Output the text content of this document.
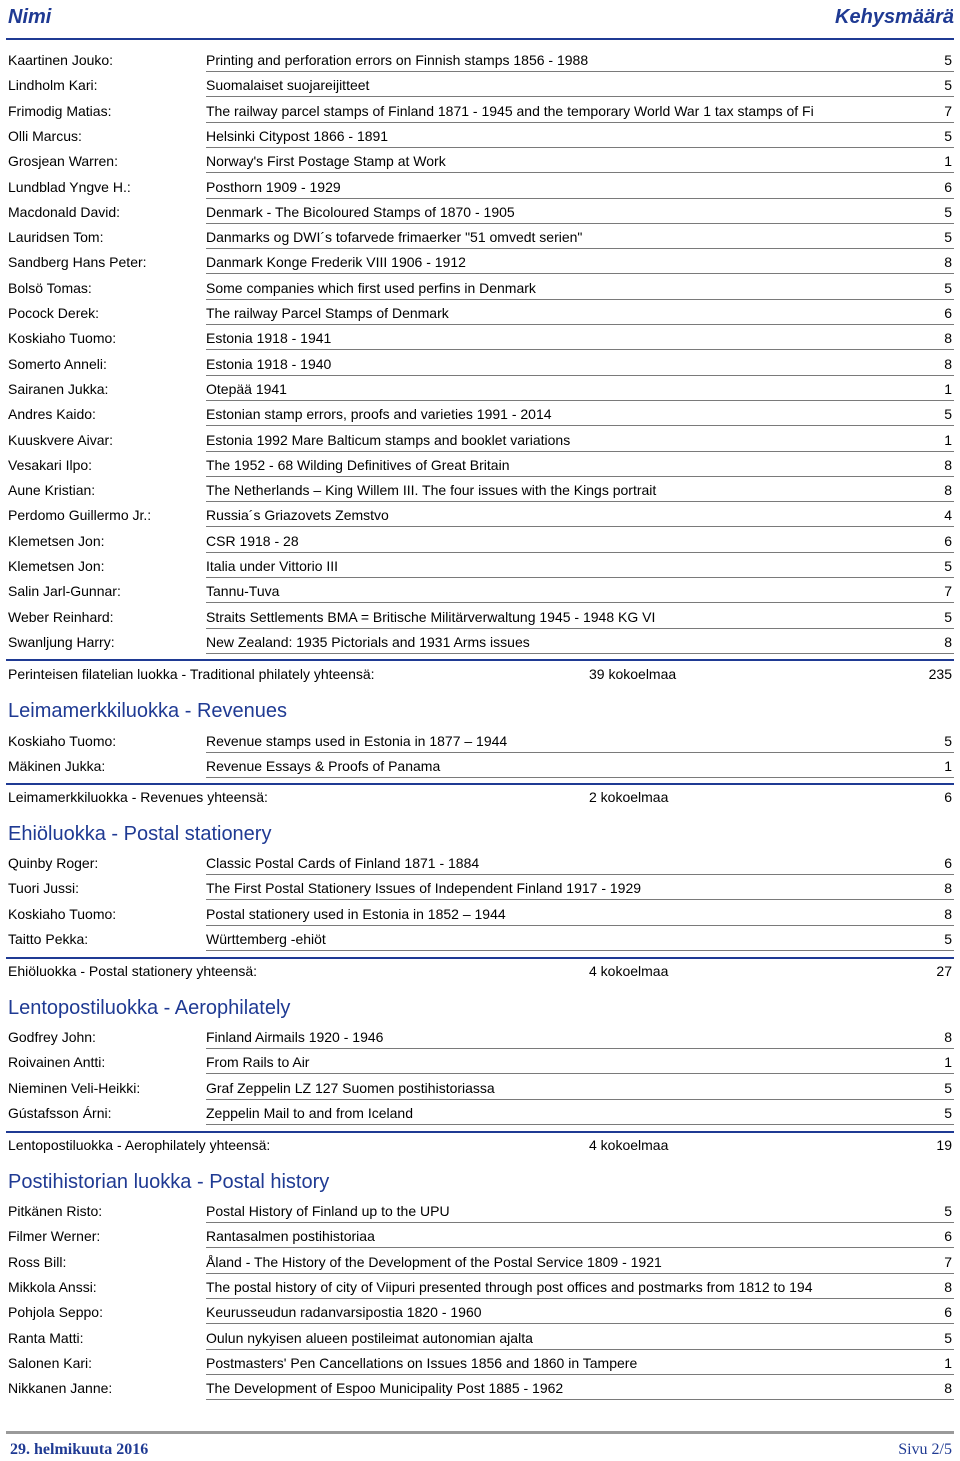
Nimi	Kehysmäärä
Kaartinen Jouko:	Printing and perforation errors on Finnish stamps 1856 - 1988	5
Lindholm Kari:	Suomalaiset suojareijitteet	5
Frimodig Matias:	The railway parcel stamps of Finland 1871 - 1945 and the temporary World War 1 tax stamps of Fi	7
Olli Marcus:	Helsinki Citypost 1866 - 1891	5
Grosjean Warren:	Norway's First Postage Stamp at Work	1
Lundblad Yngve H.:	Posthorn 1909 - 1929	6
Macdonald David:	Denmark - The Bicoloured Stamps of 1870 - 1905	5
Lauridsen Tom:	Danmarks og DWI´s tofarvede frimaerker "51 omvedt serien"	5
Sandberg Hans Peter:	Danmark Konge Frederik VIII 1906 - 1912	8
Bolsö Tomas:	Some companies which first used perfins in Denmark	5
Pocock Derek:	The railway Parcel Stamps of Denmark	6
Koskiaho Tuomo:	Estonia 1918 - 1941	8
Somerto Anneli:	Estonia 1918 - 1940	8
Sairanen Jukka:	Otepää 1941	1
Andres Kaido:	Estonian stamp errors, proofs and varieties 1991 - 2014	5
Kuuskvere Aivar:	Estonia 1992 Mare Balticum stamps and booklet variations	1
Vesakari Ilpo:	The 1952 - 68 Wilding Definitives of Great Britain	8
Aune Kristian:	The Netherlands – King Willem III. The four issues with the Kings portrait	8
Perdomo Guillermo Jr.:	Russia´s Griazovets Zemstvo	4
Klemetsen Jon:	CSR 1918 - 28	6
Klemetsen Jon:	Italia under Vittorio III	5
Salin Jarl-Gunnar:	Tannu-Tuva	7
Weber Reinhard:	Straits Settlements BMA = Britische Militärverwaltung 1945 - 1948 KG VI	5
Swanljung Harry:	New Zealand: 1935 Pictorials and 1931 Arms issues	8
Perinteisen filatelian luokka - Traditional philately yhteensä:	39 kokoelmaa	235
Leimamerkkiluokka - Revenues
Koskiaho Tuomo:	Revenue stamps used in Estonia in 1877 – 1944	5
Mäkinen Jukka:	Revenue Essays & Proofs of Panama	1
Leimamerkkiluokka - Revenues yhteensä:	2 kokoelmaa	6
Ehiöluokka - Postal stationery
Quinby Roger:	Classic Postal Cards of Finland 1871 - 1884	6
Tuori Jussi:	The First Postal Stationery Issues of Independent Finland 1917 - 1929	8
Koskiaho Tuomo:	Postal stationery used in Estonia in 1852 – 1944	8
Taitto Pekka:	Württemberg -ehiöt	5
Ehiöluokka - Postal stationery yhteensä:	4 kokoelmaa	27
Lentopostiluokka - Aerophilately
Godfrey John:	Finland Airmails 1920 - 1946	8
Roivainen Antti:	From Rails to Air	1
Nieminen Veli-Heikki:	Graf Zeppelin LZ 127 Suomen postihistoriassa	5
Gústafsson Árni:	Zeppelin Mail to and from Iceland	5
Lentopostiluokka - Aerophilately yhteensä:	4 kokoelmaa	19
Postihistorian luokka - Postal history
Pitkänen Risto:	Postal History of Finland up to the UPU	5
Filmer Werner:	Rantasalmen postihistoriaa	6
Ross Bill:	Åland - The History of the Development of the Postal Service 1809 - 1921	7
Mikkola Anssi:	The postal history of city of Viipuri presented through post offices and postmarks from 1812 to 194	8
Pohjola Seppo:	Keurusseudun radanvarsipostia 1820 - 1960	6
Ranta Matti:	Oulun nykyisen alueen postileimat autonomian ajalta	5
Salonen Kari:	Postmasters' Pen Cancellations on Issues 1856 and 1860 in Tampere	1
Nikkanen Janne:	The Development of Espoo Municipality Post 1885 - 1962	8
29. helmikuuta 2016	Sivu 2/5
